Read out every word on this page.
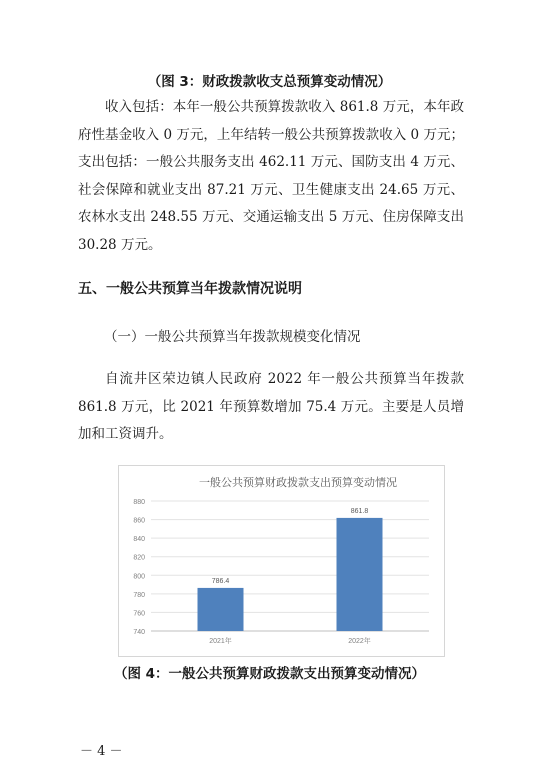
（图 3：财政拨款收支总预算变动情况）

收入包括：本年一般公共预算拨款收入 861.8 万元，本年政府性基金收入 0 万元，上年结转一般公共预算拨款收入 0 万元；支出包括：一般公共服务支出 462.11 万元、国防支出 4 万元、社会保障和就业支出 87.21 万元、卫生健康支出 24.65 万元、农林水支出 248.55 万元、交通运输支出 5 万元、住房保障支出 30.28 万元。

五、一般公共预算当年拨款情况说明
（一）一般公共预算当年拨款规模变化情况

自流井区荣边镇人民政府 2022 年一般公共预算当年拨款 861.8 万元，比 2021 年预算数增加 75.4 万元。主要是人员增加和工资调升。

一般公共预算财政拨款支出预算变动情况
740
760
780
800
820
840
860
880
786.4
2021年
861.8
2022年
（图 4：一般公共预算财政拨款支出预算变动情况）
－ 4 －
